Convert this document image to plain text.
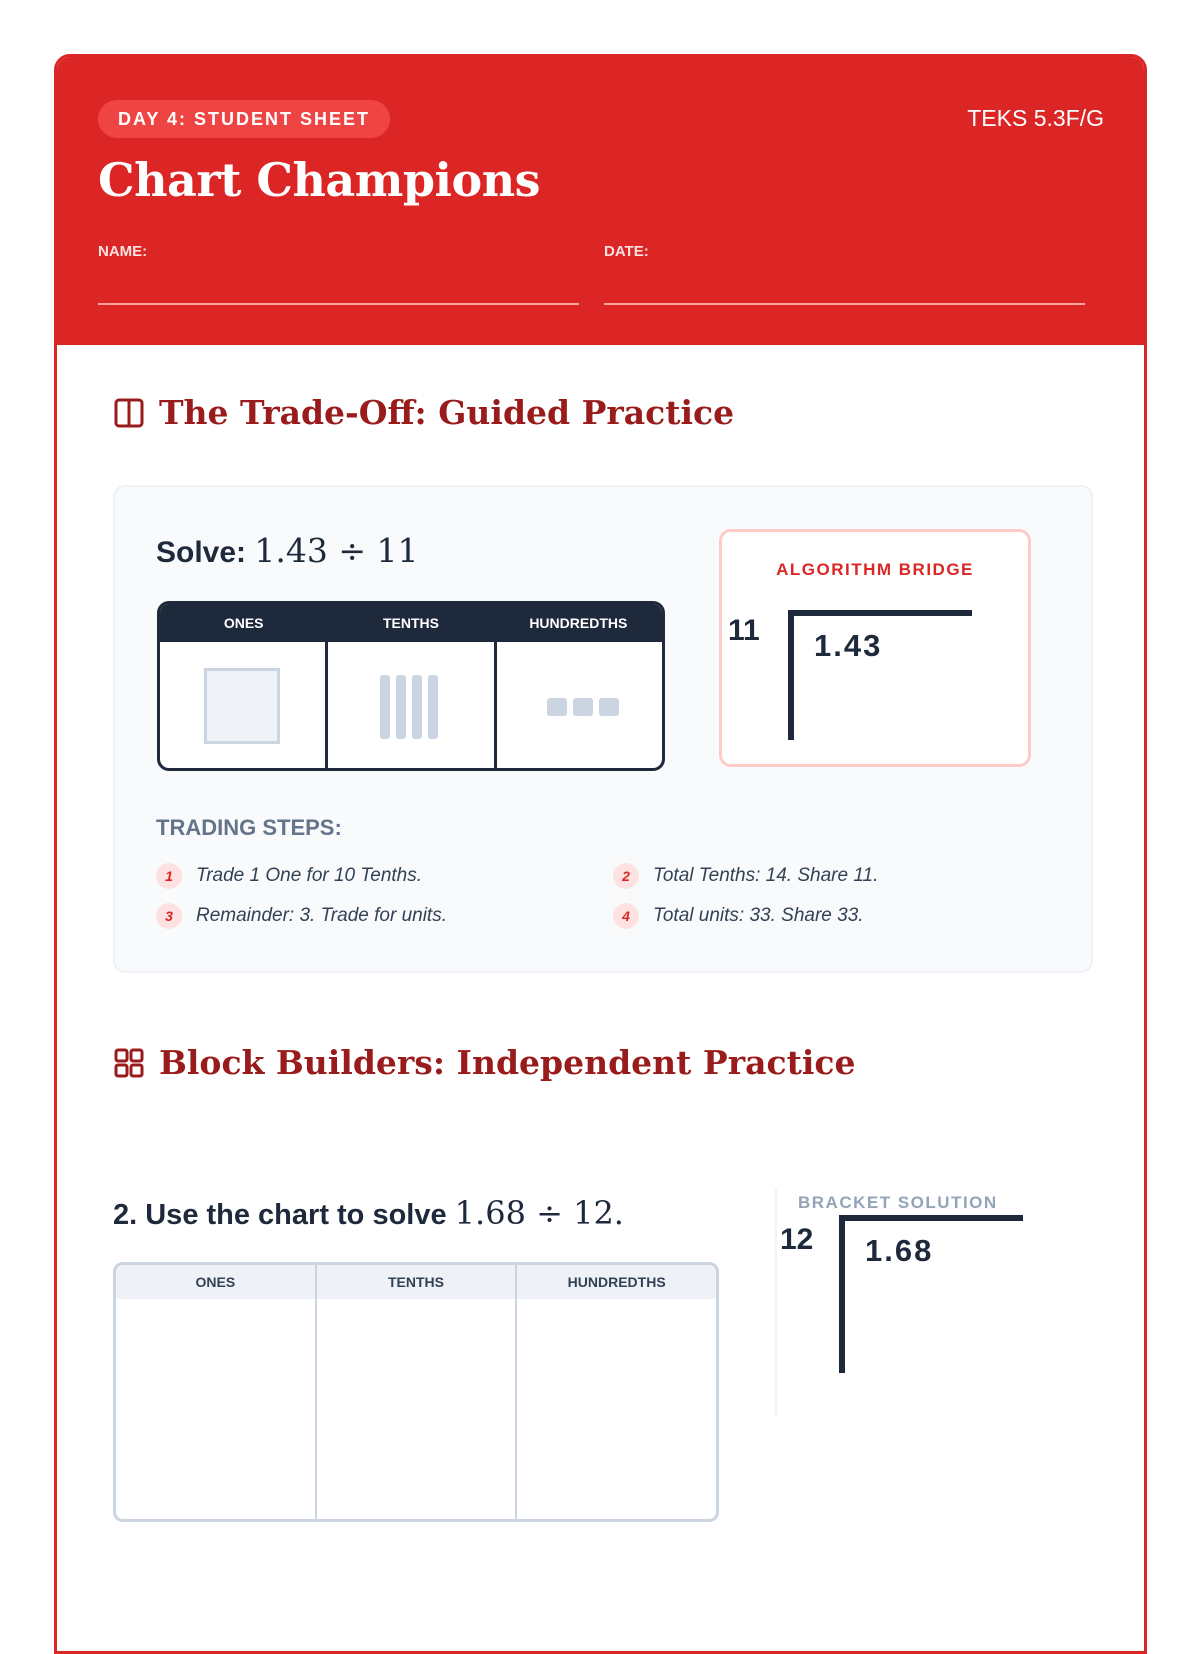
DAY 4: STUDENT SHEET	TEKS 5.3F/G
Chart Champions
NAME:	DATE:
The Trade-Off: Guided Practice
Solve: 1.43 ÷ 11
ONES	TENTHS	HUNDREDTHS
ALGORITHM BRIDGE
11 1.43
TRADING STEPS:
1	Trade 1 One for 10 Tenths.	2	Total Tenths: 14. Share 11.
3	Remainder: 3. Trade for units.	4	Total units: 33. Share 33.
Block Builders: Independent Practice
2. Use the chart to solve 1.68 ÷ 12.
ONES	TENTHS	HUNDREDTHS
BRACKET SOLUTION
12 1.68
